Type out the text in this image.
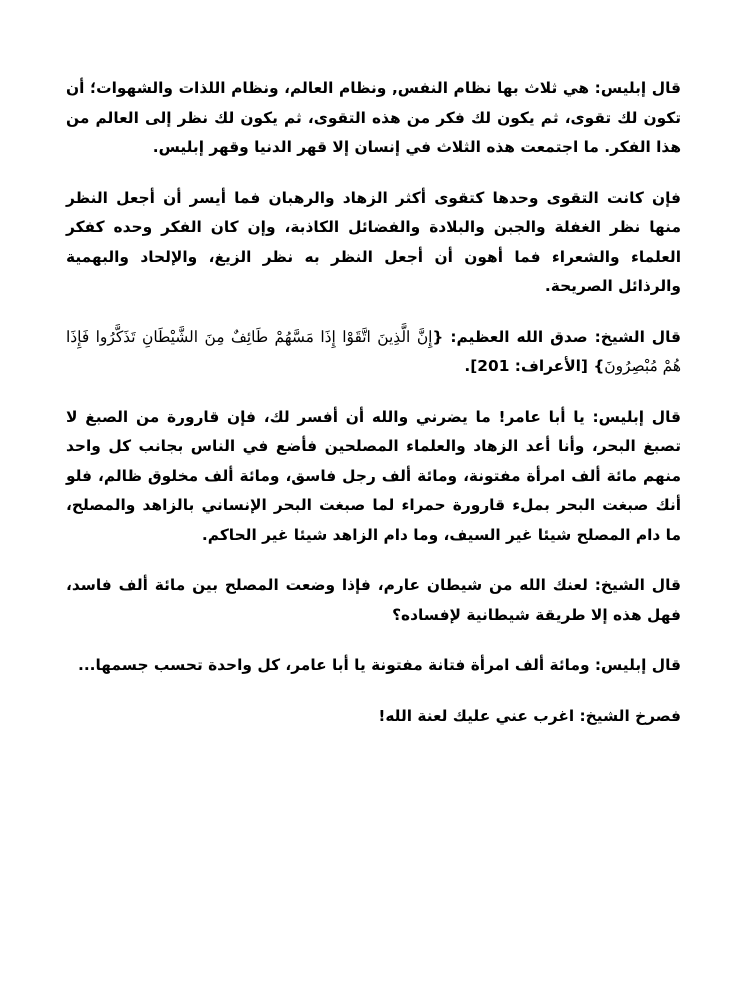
قال إبليس: هي ثلاث بها نظام النفس, ونظام العالم، ونظام اللذات والشهوات؛ أن تكون لك تقوى، ثم يكون لك فكر من هذه التقوى، ثم يكون لك نظر إلى العالم من هذا الفكر. ما اجتمعت هذه الثلاث في إنسان إلا قهر الدنيا وقهر إبليس.

فإن كانت التقوى وحدها كتقوى أكثر الزهاد والرهبان فما أيسر أن أجعل النظر منها نظر الغفلة والجبن والبلادة والفضائل الكاذبة، وإن كان الفكر وحده كفكر العلماء والشعراء فما أهون أن أجعل النظر به نظر الزيغ، والإلحاد والبهمية والرذائل الصريحة.

قال الشيخ: صدق الله العظيم: {إِنَّ الَّذِينَ اتَّقَوْا إِذَا مَسَّهُمْ طَائِفٌ مِنَ الشَّيْطَانِ تَذَكَّرُوا فَإِذَا هُمْ مُبْصِرُونَ} [الأعراف: 201].

قال إبليس: يا أبا عامر! ما يضرني والله أن أفسر لك، فإن قارورة من الصبغ لا تصبغ البحر، وأنا أعد الزهاد والعلماء المصلحين فأضع في الناس بجانب كل واحد منهم مائة ألف امرأة مفتونة، ومائة ألف رجل فاسق، ومائة ألف مخلوق ظالم، فلو أنك صبغت البحر بملء قارورة حمراء لما صبغت البحر الإنساني بالزاهد والمصلح، ما دام المصلح شيئا غير السيف، وما دام الزاهد شيئا غير الحاكم.

قال الشيخ: لعنك الله من شيطان عارم، فإذا وضعت المصلح بين مائة ألف فاسد، فهل هذه إلا طريقة شيطانية لإفساده؟

قال إبليس: ومائة ألف امرأة فتانة مفتونة يا أبا عامر، كل واحدة تحسب جسمها...

فصرخ الشيخ: اغرب عني عليك لعنة الله!
